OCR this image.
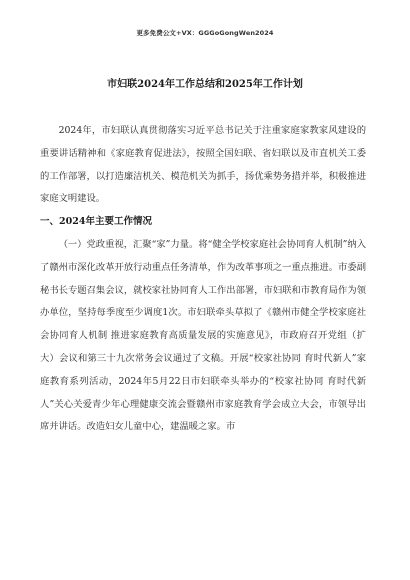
更多免费公文+VX：GGGoGongWen2024
市妇联2024年工作总结和2025年工作计划

2024年，市妇联认真贯彻落实习近平总书记关于注重家庭家教家风建设的重要讲话精神和《家庭教育促进法》，按照全国妇联、省妇联以及市直机关工委的工作部署，以打造廉洁机关、模范机关为抓手，扬优乘势务措并举，积极推进家庭文明建设。

一、2024年主要工作情况

（一）党政重视，汇聚“家”力量。将“健全学校家庭社会协同育人机制”纳入了赣州市深化改革开放行动重点任务清单，作为改革事项之一重点推进。市委副秘书长专题召集会议，就校家社协同育人工作出部署，市妇联和市教育局作为领办单位，坚持每季度至少调度1次。市妇联牵头草拟了《赣州市健全学校家庭社会协同育人机制 推进家庭教育高质量发展的实施意见》，市政府召开党组（扩大）会议和第三十九次常务会议通过了文稿。开展“校家社协同 育时代新人”家庭教育系列活动，2024年5月22日市妇联牵头举办的“校家社协同 育时代新人”关心关爱青少年心理健康交流会暨赣州市家庭教育学会成立大会，市领导出席并讲话。改造妇女儿童中心，建温暖之家。市
